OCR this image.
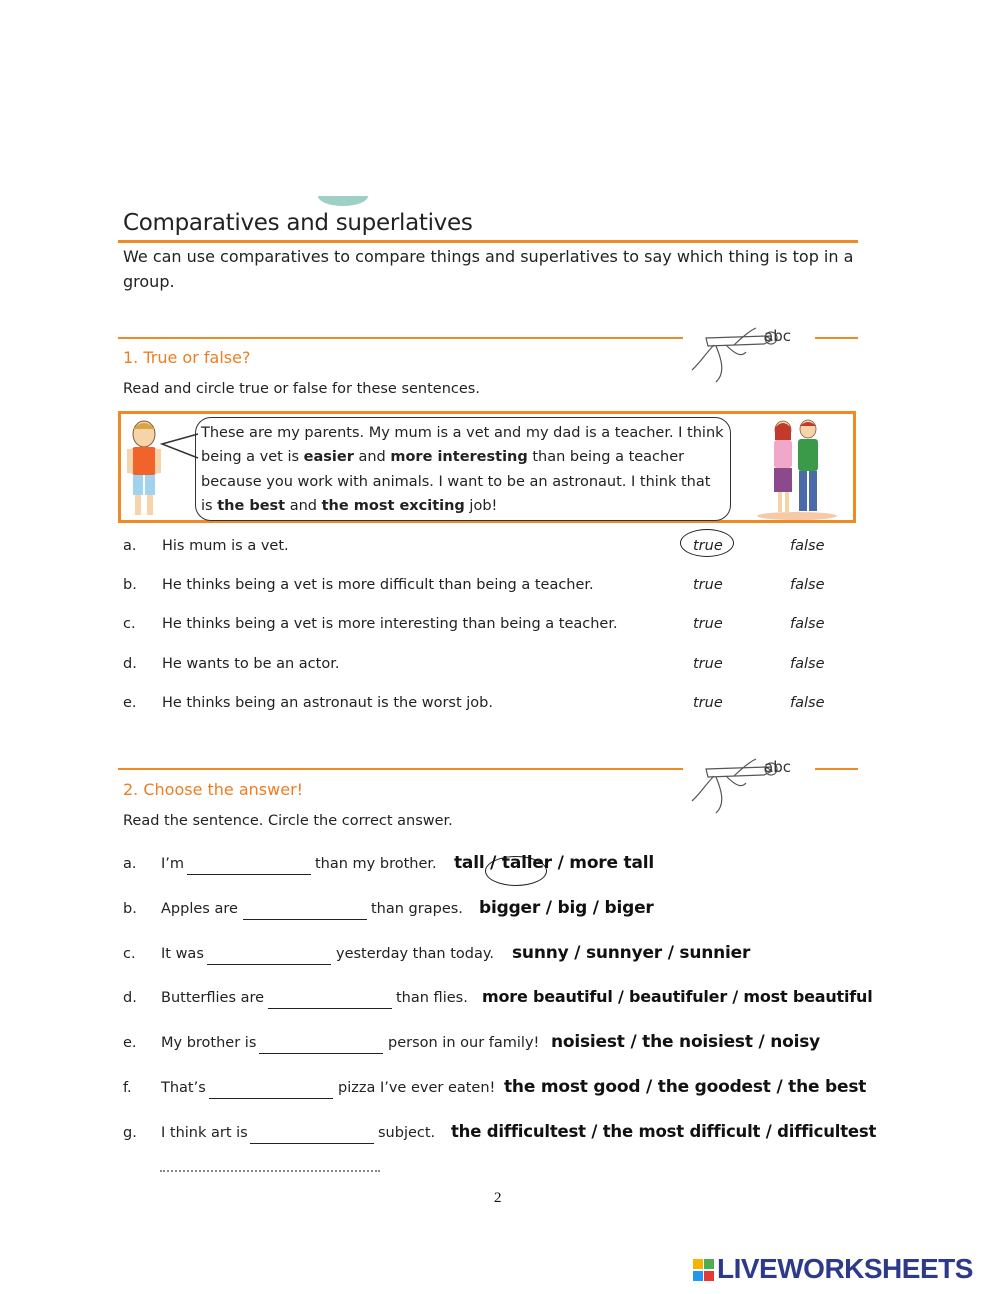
Comparatives and superlatives
We can use comparatives to compare things and superlatives to say which thing is top in a group.
abc
1. True or false?
Read and circle true or false for these sentences.
These are my parents. My mum is a vet and my dad is a teacher. I think being a vet is easier and more interesting than being a teacher because you work with animals. I want to be an astronaut. I think that is the best and the most exciting job!
a. His mum is a vet.	true	false
b. He thinks being a vet is more difficult than being a teacher.	true	false
c. He thinks being a vet is more interesting than being a teacher.	true	false
d. He wants to be an actor.	true	false
e. He thinks being an astronaut is the worst job.	true	false
abc
2. Choose the answer!
Read the sentence. Circle the correct answer.
a. I’m	than my brother. tall / taller / more tall
b. Apples are	than grapes. bigger / big / biger
c. It was	yesterday than today. sunny / sunnyer / sunnier
d. Butterflies are	than flies. more beautiful / beautifuler / most beautiful
e. My brother is	person in our family! noisiest / the noisiest / noisy
f. That’s	pizza I’ve ever eaten! the most good / the goodest / the best
g. I think art is	subject. the difficultest / the most difficult / difficultest
2
LIVEWORKSHEETS
